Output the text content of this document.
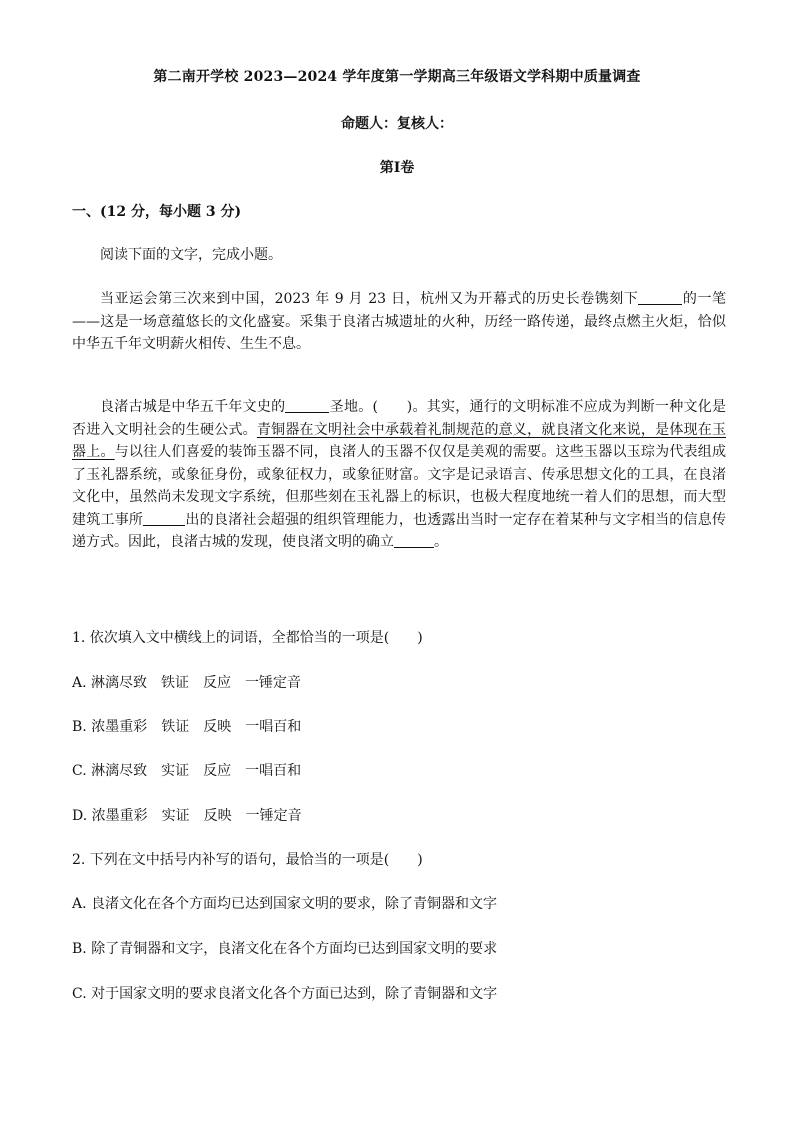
第二南开学校 2023—2024 学年度第一学期高三年级语文学科期中质量调查
命题人：复核人：
第Ⅰ卷
一、(12 分，每小题 3 分)
阅读下面的文字，完成小题。
当亚运会第三次来到中国，2023 年 9 月 23 日，杭州又为开幕式的历史长卷镌刻下	的一笔——这是一场意蕴悠长的文化盛宴。采集于良渚古城遗址的火种，历经一路传递，最终点燃主火炬，恰似中华五千年文明薪火相传、生生不息。
良渚古城是中华五千年文史的	圣地。(　　)。其实，通行的文明标准不应成为判断一种文化是否进入文明社会的生硬公式。青铜器在文明社会中承载着礼制规范的意义，就良渚文化来说，是体现在玉器上。与以往人们喜爱的装饰玉器不同，良渚人的玉器不仅仅是美观的需要。这些玉器以玉琮为代表组成了玉礼器系统，或象征身份，或象征权力，或象征财富。文字是记录语言、传承思想文化的工具，在良渚文化中，虽然尚未发现文字系统，但那些刻在玉礼器上的标识，也极大程度地统一着人们的思想，而大型建筑工事所	出的良渚社会超强的组织管理能力，也透露出当时一定存在着某种与文字相当的信息传递方式。因此，良渚古城的发现，使良渚文明的确立	。
1. 依次填入文中横线上的词语，全都恰当的一项是(　　)
A. 淋漓尽致　铁证　反应　一锤定音
B. 浓墨重彩　铁证　反映　一唱百和
C. 淋漓尽致　实证　反应　一唱百和
D. 浓墨重彩　实证　反映　一锤定音
2. 下列在文中括号内补写的语句，最恰当的一项是(　　)
A. 良渚文化在各个方面均已达到国家文明的要求，除了青铜器和文字
B. 除了青铜器和文字，良渚文化在各个方面均已达到国家文明的要求
C. 对于国家文明的要求良渚文化各个方面已达到，除了青铜器和文字
